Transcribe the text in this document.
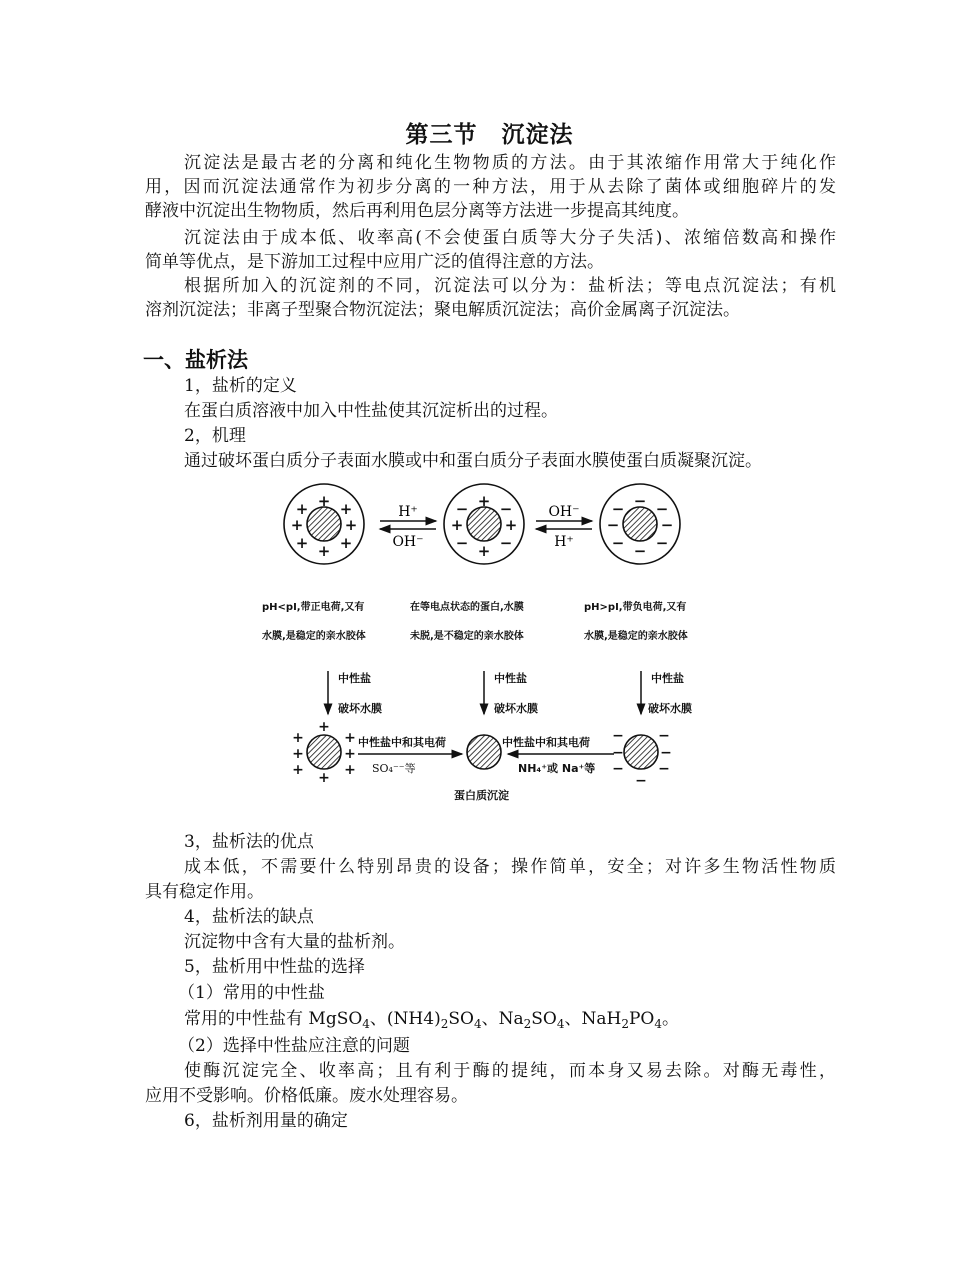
第三节　沉淀法
沉淀法是最古老的分离和纯化生物物质的方法。由于其浓缩作用常大于纯化作
用，因而沉淀法通常作为初步分离的一种方法，用于从去除了菌体或细胞碎片的发
酵液中沉淀出生物物质，然后再利用色层分离等方法进一步提高其纯度。
沉淀法由于成本低、收率高(不会使蛋白质等大分子失活)、浓缩倍数高和操作
简单等优点，是下游加工过程中应用广泛的值得注意的方法。
根据所加入的沉淀剂的不同，沉淀法可以分为：盐析法；等电点沉淀法；有机
溶剂沉淀法；非离子型聚合物沉淀法；聚电解质沉淀法；高价金属离子沉淀法。
一、盐析法
1，盐析的定义
在蛋白质溶液中加入中性盐使其沉淀析出的过程。
2，机理
通过破坏蛋白质分子表面水膜或中和蛋白质分子表面水膜使蛋白质凝聚沉淀。
+
+
+	+
+ +
+ +
+
+
+	+
− −
− −
−
−
−	−
− −
− −
H⁺
OH⁻
OH⁻
H⁺
pH<pI,带正电荷,又有
水膜,是稳定的亲水胶体
在等电点状态的蛋白,水膜
未脱,是不稳定的亲水胶体
pH>pI,带负电荷,又有
水膜,是稳定的亲水胶体
中性盐
破坏水膜
中性盐
破坏水膜
中性盐
破坏水膜
+
+
+	+
+	+
+	+
− −
−	−
− −
−
中性盐中和其电荷
SO₄⁻⁻等
中性盐中和其电荷
NH₄⁺或 Na⁺等
蛋白质沉淀
3，盐析法的优点
成本低，不需要什么特别昂贵的设备；操作简单，安全；对许多生物活性物质
具有稳定作用。
4，盐析法的缺点
沉淀物中含有大量的盐析剂。
5，盐析用中性盐的选择
（1）常用的中性盐
常用的中性盐有 MgSO$_4$、$(NH4)_2SO_4$、$Na_2SO_4$、$NaH_2PO_4$。
（2）选择中性盐应注意的问题
使酶沉淀完全、收率高；且有利于酶的提纯，而本身又易去除。对酶无毒性，
应用不受影响。价格低廉。废水处理容易。
6，盐析剂用量的确定
